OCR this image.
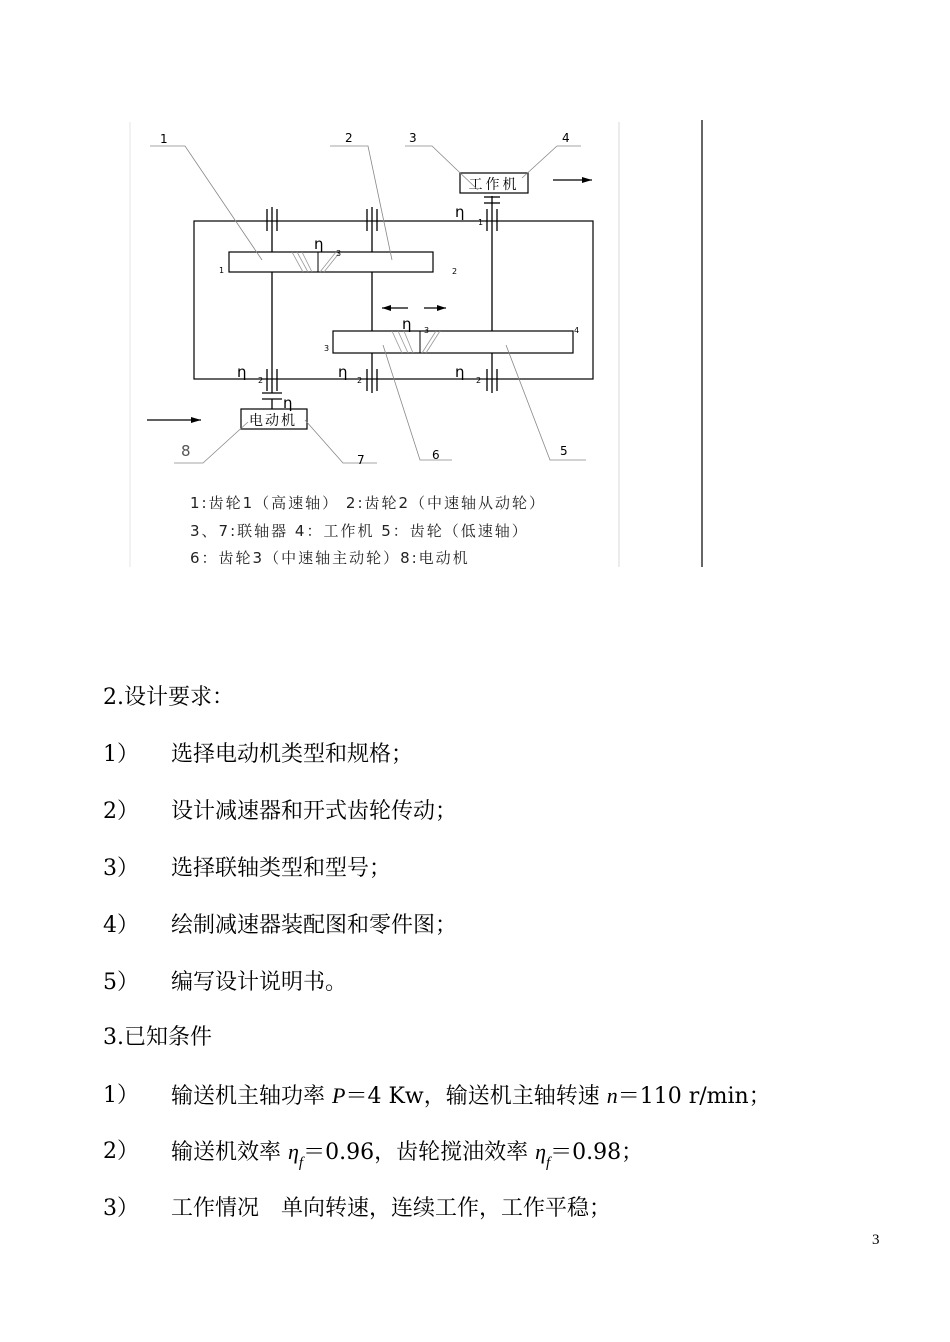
工作机
电动机
1	2	3	4
5
6
7
8
η
η
η
η	η	η
η
1	2
3
4
3
3
2	2	2
1
1:齿轮1（高速轴） 2:齿轮2（中速轴从动轮）
3、7:联轴器 4：工作机 5：齿轮（低速轴）
6：齿轮3（中速轴主动轮）8:电动机
2.设计要求：
1） 选择电动机类型和规格；
2） 设计减速器和开式齿轮传动；
3） 选择联轴类型和型号；
4） 绘制减速器装配图和零件图；
5） 编写设计说明书。
3.已知条件
1） 输送机主轴功率 P＝4 Kw，输送机主轴转速 n＝110 r/min；
2） 输送机效率 $\eta_f=0.96$，齿轮搅油效率 $\eta_f=0.98$；
3） 工作情况　单向转速，连续工作，工作平稳；
3
